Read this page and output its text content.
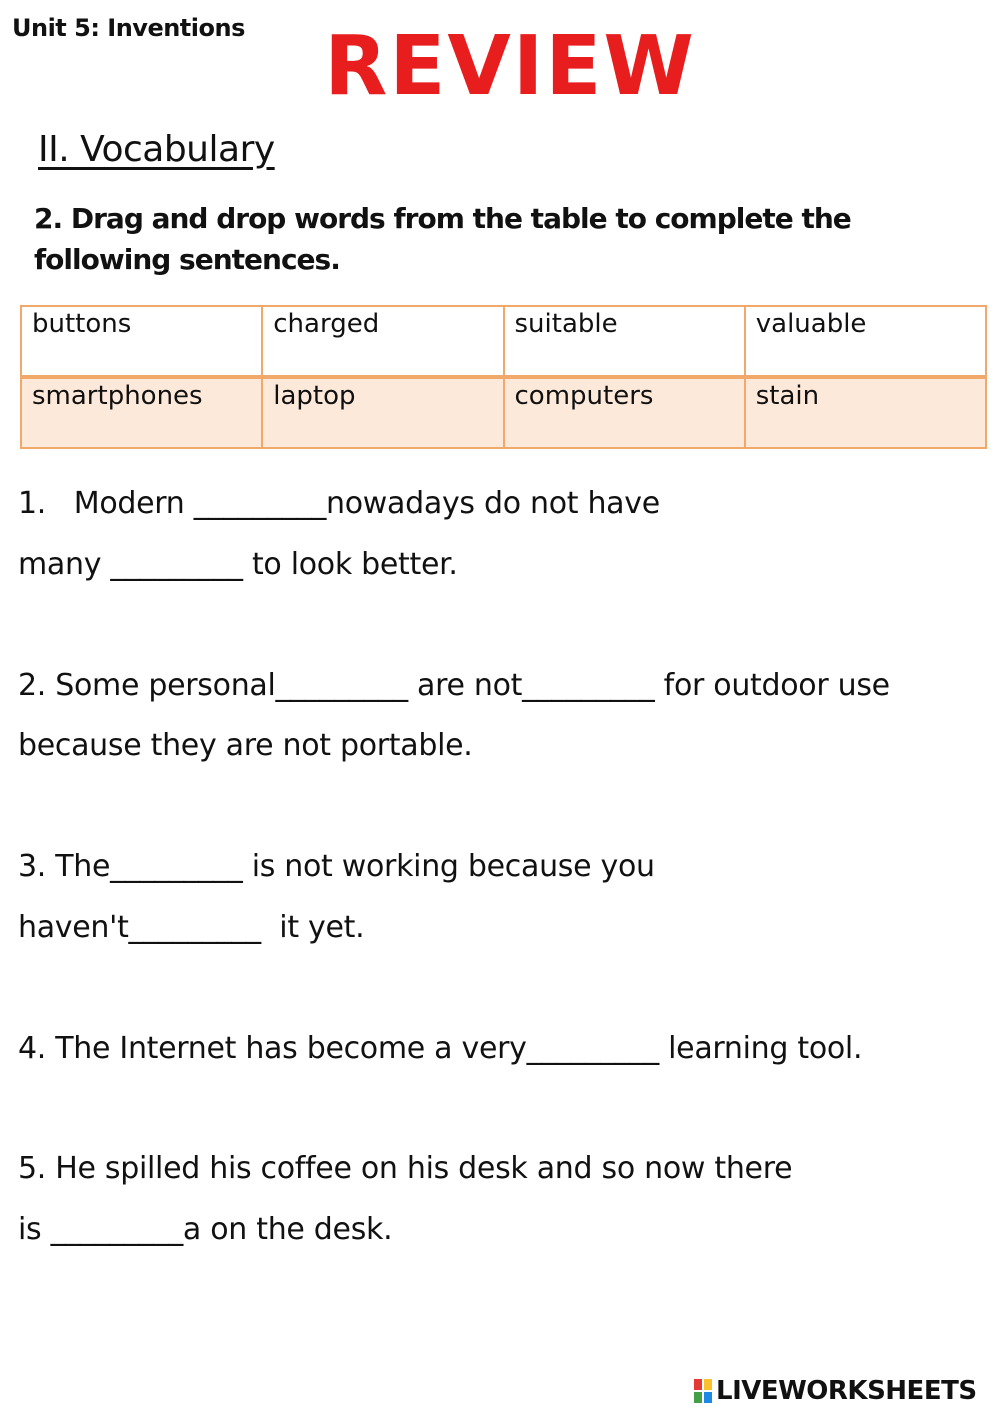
Unit 5: Inventions REVIEW
II. Vocabulary
2. Drag and drop words from the table to complete the following sentences.
buttons	charged	suitable	valuable
smartphones	laptop	computers	stain

1.   Modern _________nowadays do not have

many _________ to look better.

2. Some personal_________ are not_________ for outdoor use

because they are not portable.

3. The_________ is not working because you

haven't_________  it yet.

4. The Internet has become a very_________ learning tool.

5. He spilled his coffee on his desk and so now there

is _________a on the desk.

LIVEWORKSHEETS
